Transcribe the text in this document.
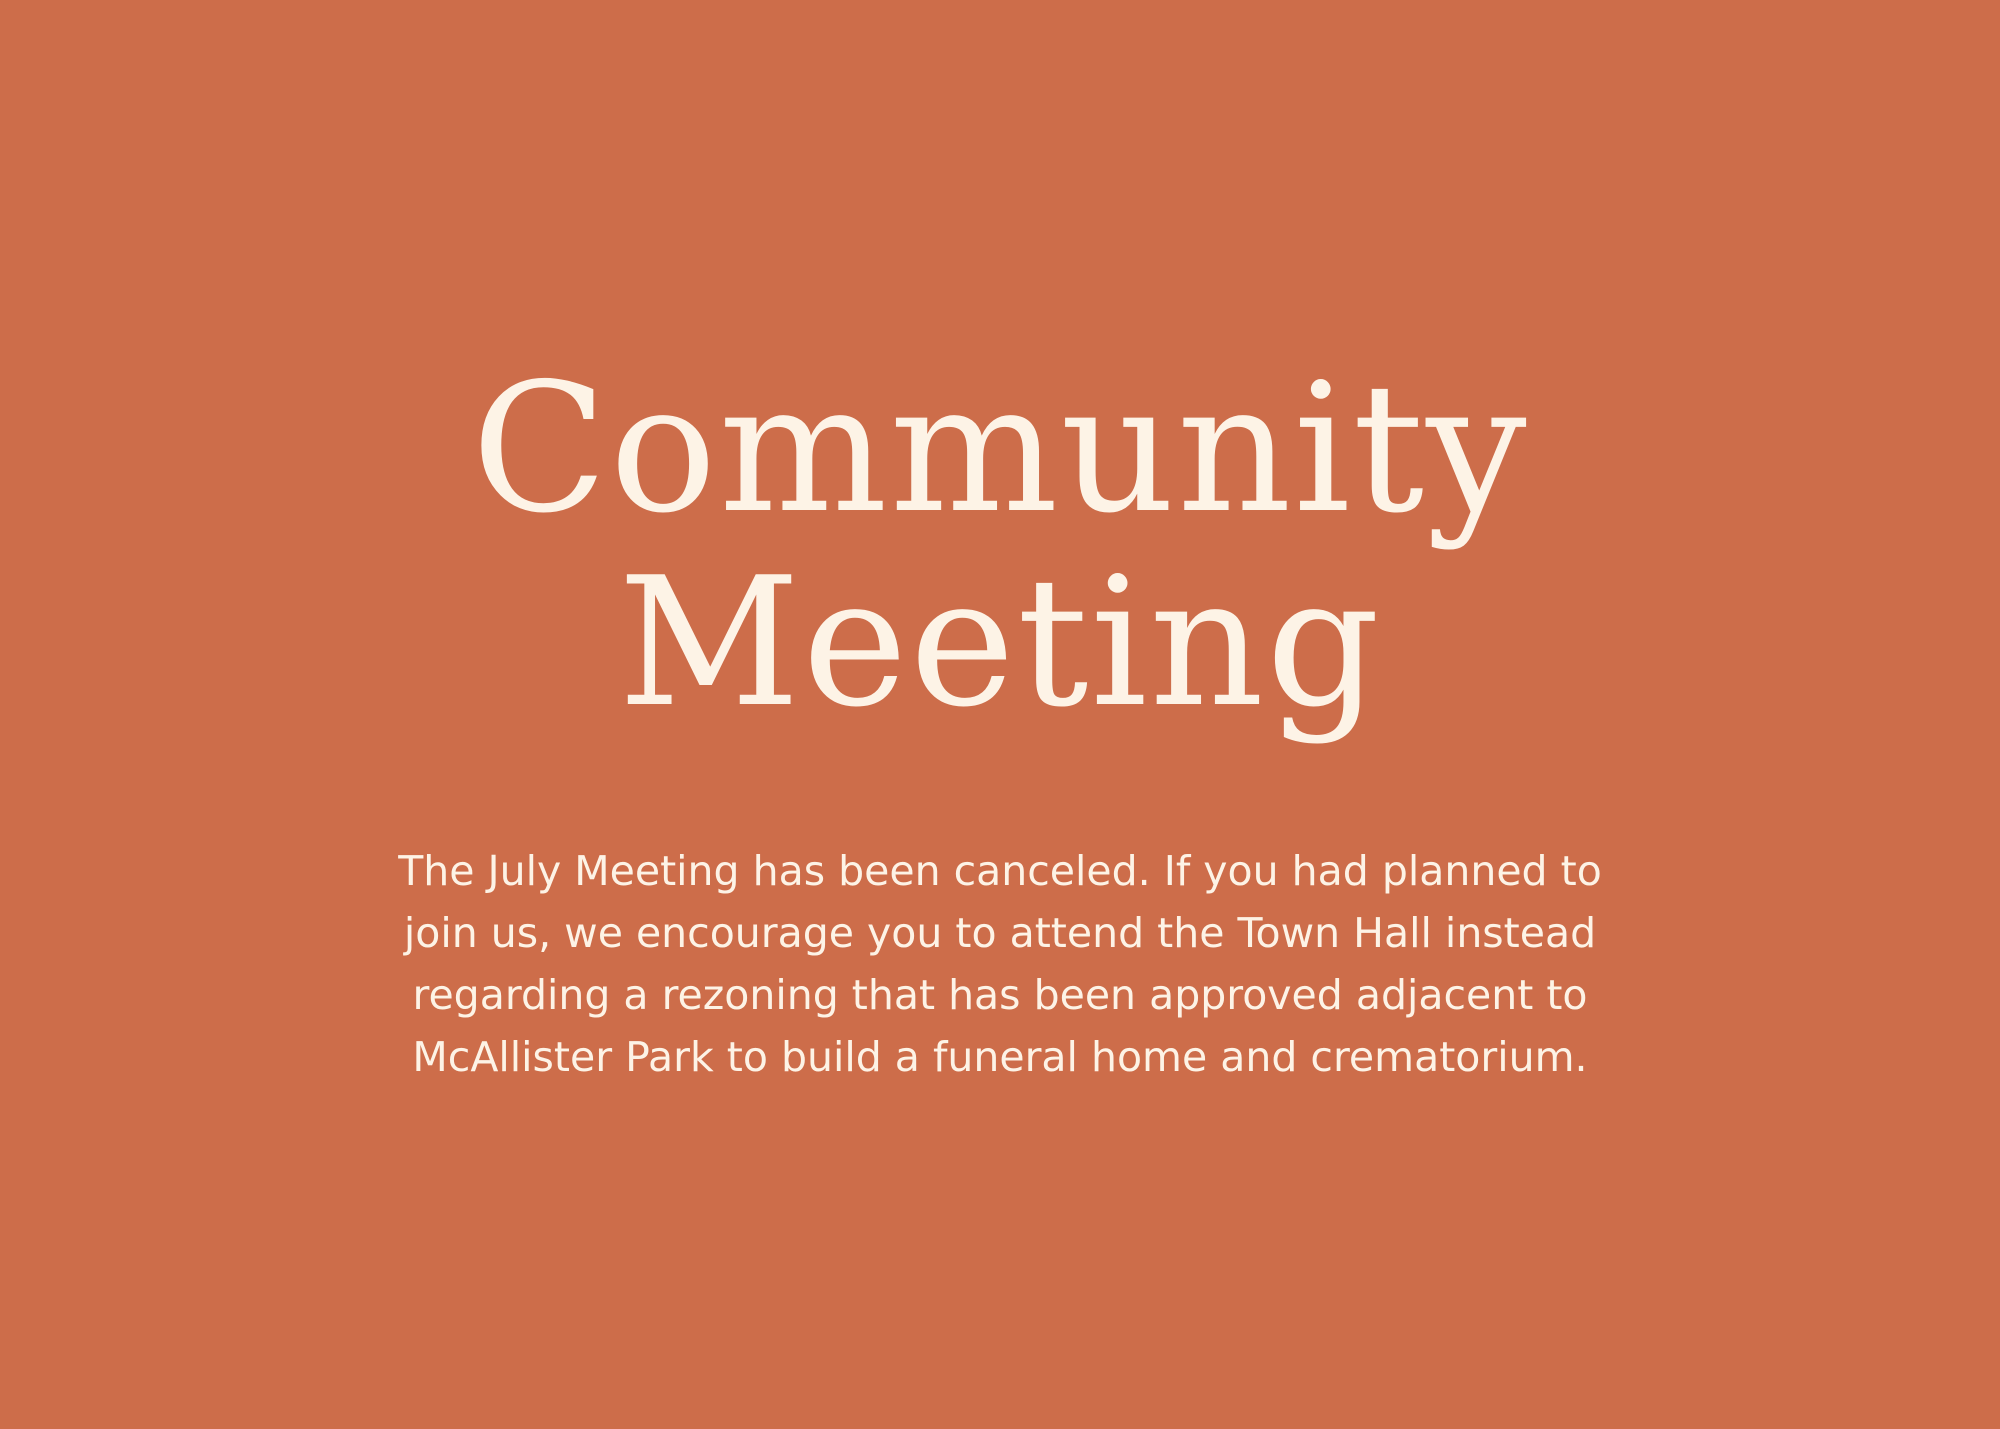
Community
Meeting

The July Meeting has been canceled. If you had planned to join us, we encourage you to attend the Town Hall instead regarding a rezoning that has been approved adjacent to McAllister Park to build a funeral home and crematorium.
